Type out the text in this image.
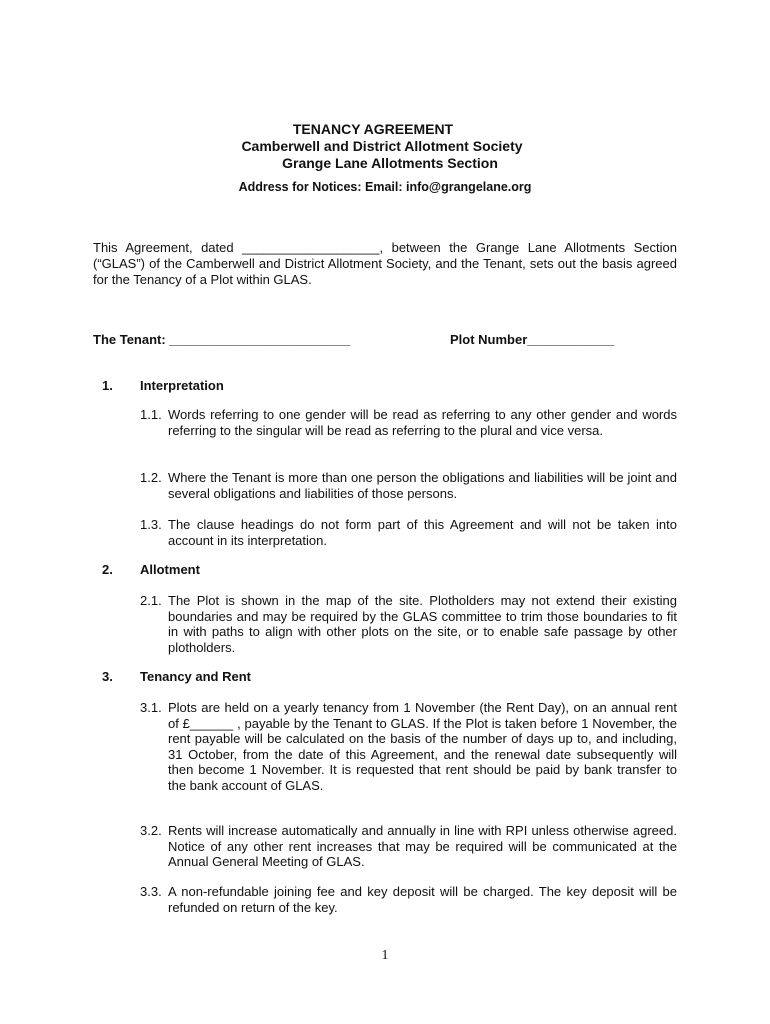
TENANCY AGREEMENT
Camberwell and District Allotment Society
Grange Lane Allotments Section
Address for Notices: Email: info@grangelane.org
This Agreement, dated ___________________, between the Grange Lane Allotments Section (“GLAS”) of the Camberwell and District Allotment Society, and the Tenant, sets out the basis agreed for the Tenancy of a Plot within GLAS.
The Tenant: _________________________	Plot Number____________
1. Interpretation
1.1. Words referring to one gender will be read as referring to any other gender and words referring to the singular will be read as referring to the plural and vice versa.
1.2. Where the Tenant is more than one person the obligations and liabilities will be joint and several obligations and liabilities of those persons.
1.3. The clause headings do not form part of this Agreement and will not be taken into account in its interpretation.
2. Allotment
2.1. The Plot is shown in the map of the site. Plotholders may not extend their existing boundaries and may be required by the GLAS committee to trim those boundaries to fit in with paths to align with other plots on the site, or to enable safe passage by other plotholders.
3. Tenancy and Rent
3.1. Plots are held on a yearly tenancy from 1 November (the Rent Day), on an annual rent of £______ , payable by the Tenant to GLAS. If the Plot is taken before 1 November, the rent payable will be calculated on the basis of the number of days up to, and including, 31 October, from the date of this Agreement, and the renewal date subsequently will then become 1 November. It is requested that rent should be paid by bank transfer to the bank account of GLAS.
3.2. Rents will increase automatically and annually in line with RPI unless otherwise agreed. Notice of any other rent increases that may be required will be communicated at the Annual General Meeting of GLAS.
3.3. A non-refundable joining fee and key deposit will be charged. The key deposit will be refunded on return of the key.
1
